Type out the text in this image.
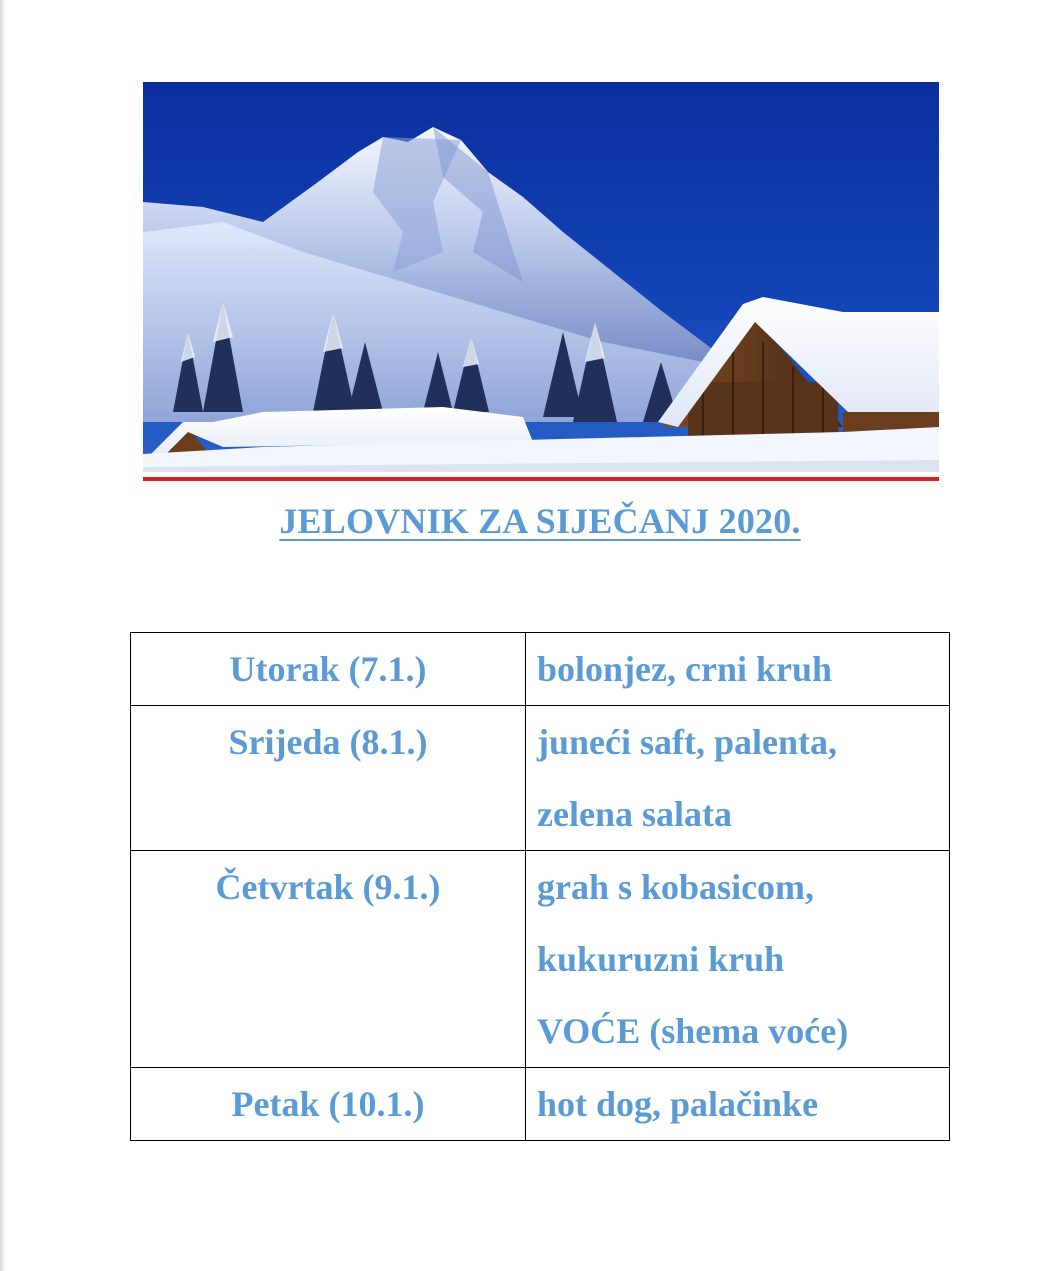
JELOVNIK ZA SIJEČANJ 2020.
Utorak (7.1.)	bolonjez, crni kruh

Srijeda (8.1.)	juneći saft, palenta,
zelena salata

Četvrtak (9.1.)	grah s kobasicom,
kukuruzni kruh
VOĆE (shema voće)

Petak (10.1.)	hot dog, palačinke
